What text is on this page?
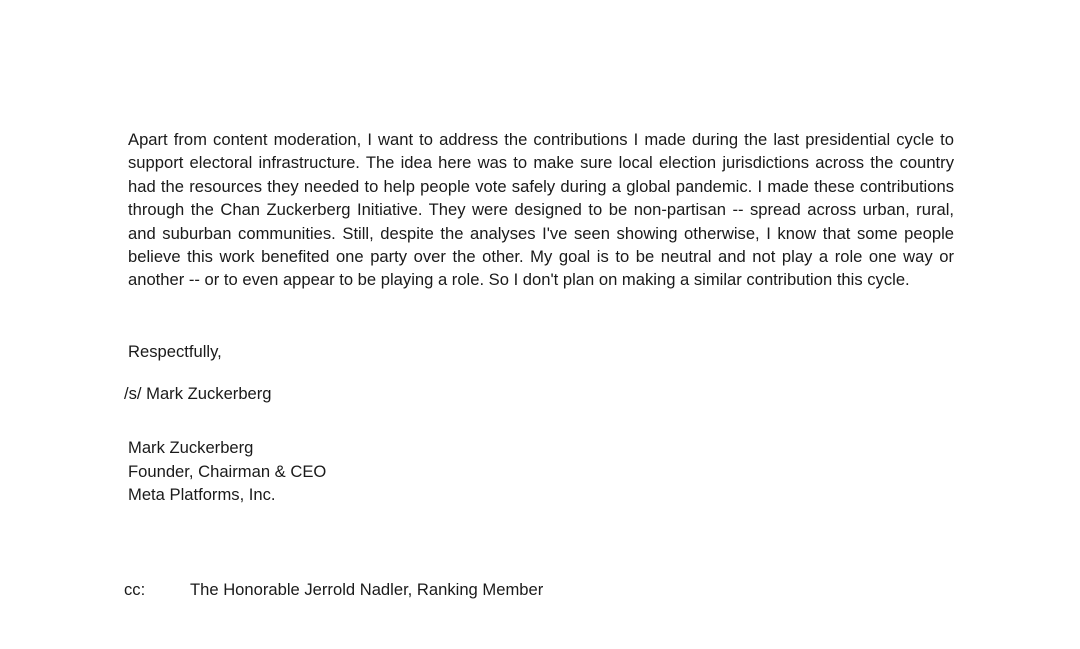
Apart from content moderation, I want to address the contributions I made during the last presidential cycle to support electoral infrastructure. The idea here was to make sure local election jurisdictions across the country had the resources they needed to help people vote safely during a global pandemic. I made these contributions through the Chan Zuckerberg Initiative. They were designed to be non-partisan -- spread across urban, rural, and suburban communities. Still, despite the analyses I've seen showing otherwise, I know that some people believe this work benefited one party over the other. My goal is to be neutral and not play a role one way or another -- or to even appear to be playing a role. So I don't plan on making a similar contribution this cycle.

Respectfully,

/s/ Mark Zuckerberg

Mark Zuckerberg
Founder, Chairman & CEO
Meta Platforms, Inc.
cc:	The Honorable Jerrold Nadler, Ranking Member
